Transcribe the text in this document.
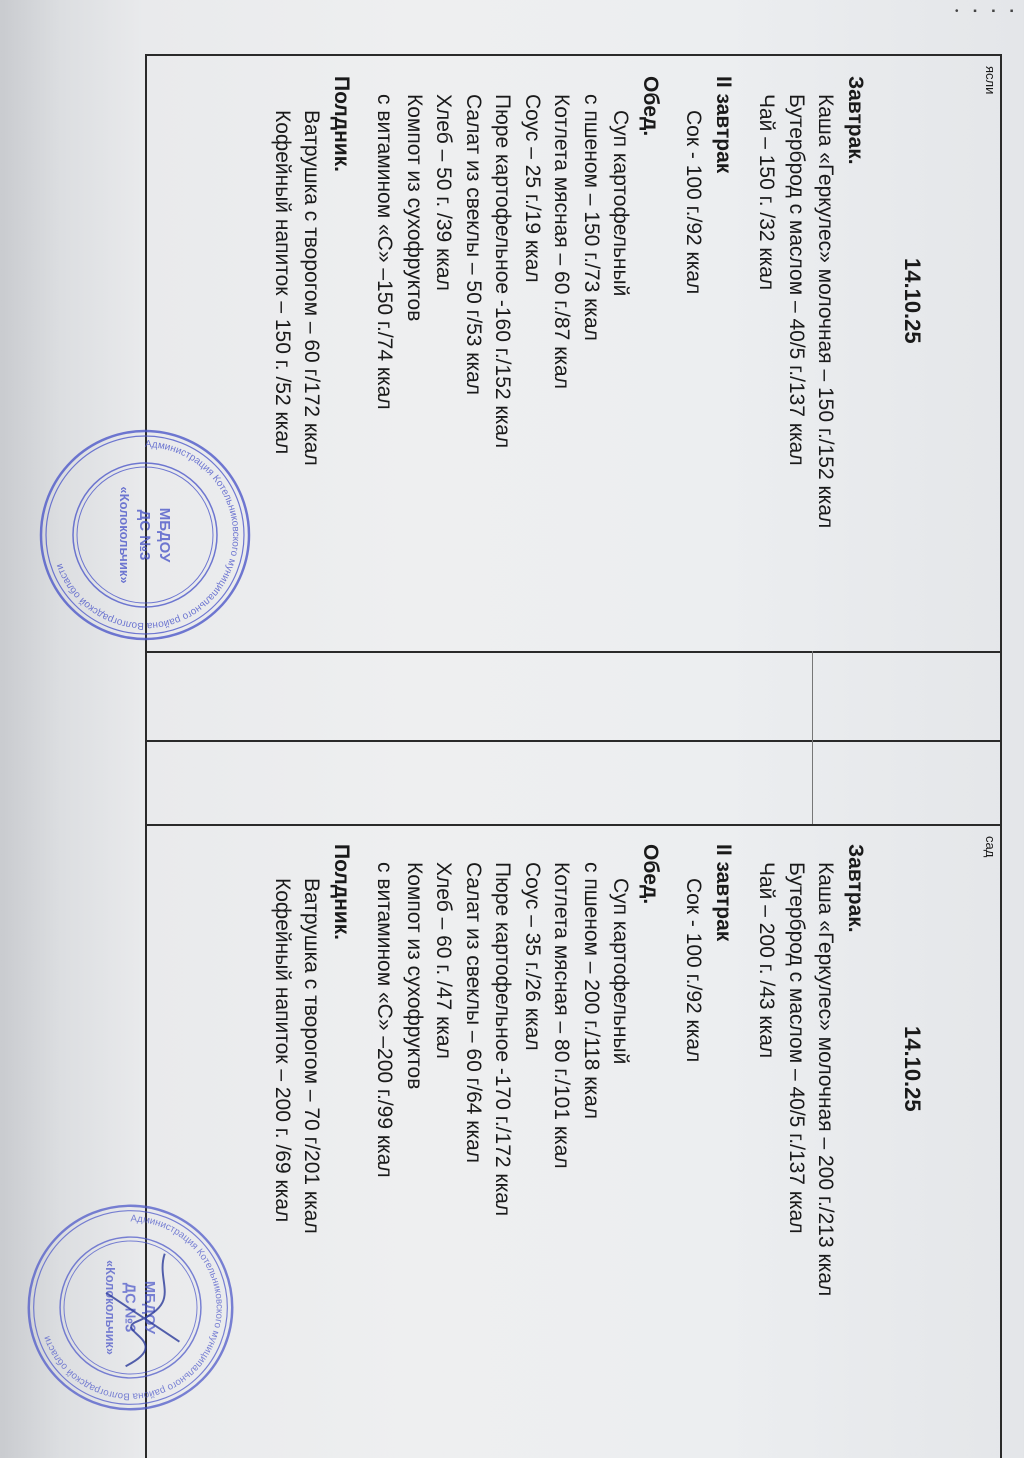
• ▪ ▪ ▪
ясли
14.10.25
Завтрак.
Каша «Геркулес» молочная – 150 г./152 ккал
Бутерброд с маслом – 40/5 г./137 ккал
Чай – 150 г. /32 ккал
II завтрак
Сок - 100 г./92 ккал
Обед.
Суп картофельный
с пшеном – 150 г./73 ккал
Котлета мясная – 60 г./87 ккал
Соус – 25 г./19 ккал
Пюре картофельное -160 г./152 ккал
Салат из свеклы – 50 г/53 ккал
Хлеб – 50 г. /39 ккал
Компот из сухофруктов
с витамином «С» –150 г./74 ккал
Полдник.
Ватрушка с творогом – 60 г/172 ккал
Кофейный напиток – 150 г. /52 ккал
сад
14.10.25
Завтрак.
Каша «Геркулес» молочная – 200 г./213 ккал
Бутерброд с маслом – 40/5 г./137 ккал
Чай – 200 г. /43 ккал
II завтрак
Сок - 100 г./92 ккал
Обед.
Суп картофельный
с пшеном – 200 г./118 ккал
Котлета мясная – 80 г./101 ккал
Соус – 35 г./26 ккал
Пюре картофельное -170 г./172 ккал
Салат из свеклы – 60 г/64 ккал
Хлеб – 60 г. /47 ккал
Компот из сухофруктов
с витамином «С» –200 г./99 ккал
Полдник.
Ватрушка с творогом – 70 г/201 ккал
Кофейный напиток – 200 г. /69 ккал
Администрация Котельниковского муниципального района Волгоградской области
МБДОУ
ДС №3
«Колокольчик»
Администрация Котельниковского муниципального района Волгоградской области
МБДОУ
ДС №3
«Колокольчик»
